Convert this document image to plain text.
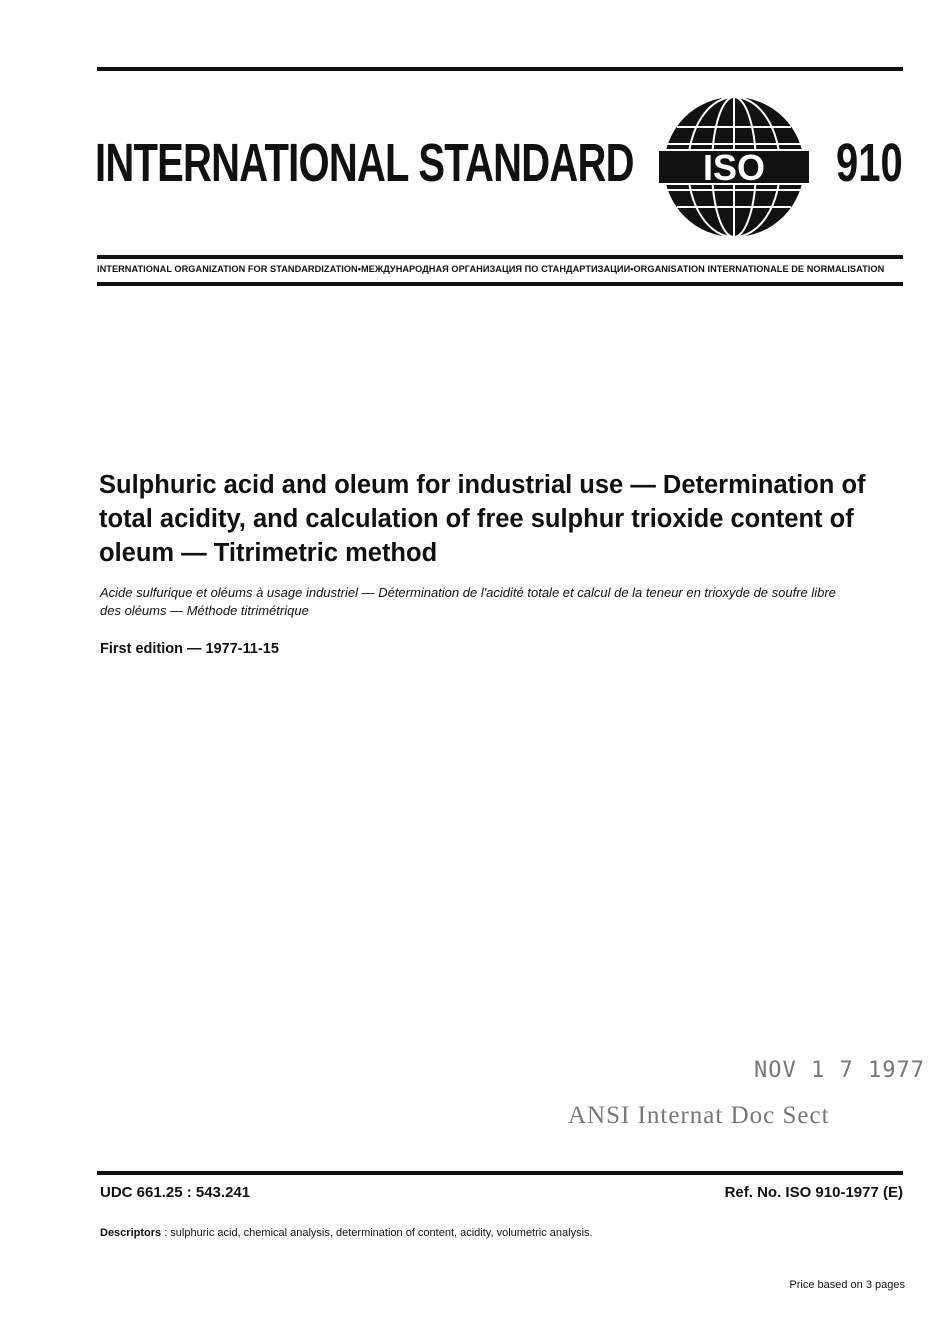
INTERNATIONAL STANDARD ISO 910
INTERNATIONAL ORGANIZATION FOR STANDARDIZATION•МЕЖДУНАРОДНАЯ ОРГАНИЗАЦИЯ ПО СТАНДАРТИЗАЦИИ•ORGANISATION INTERNATIONALE DE NORMALISATION
Sulphuric acid and oleum for industrial use — Determination of total acidity, and calculation of free sulphur trioxide content of oleum — Titrimetric method
Acide sulfurique et oléums à usage industriel — Détermination de l'acidité totale et calcul de la teneur en trioxyde de soufre libre des oléums — Méthode titrimétrique
First edition — 1977-11-15
NOV 1 7 1977
ANSI Internat Doc Sect
UDC 661.25 : 543.241	Ref. No. ISO 910-1977 (E)
Descriptors : sulphuric acid, chemical analysis, determination of content, acidity, volumetric analysis.
Price based on 3 pages
